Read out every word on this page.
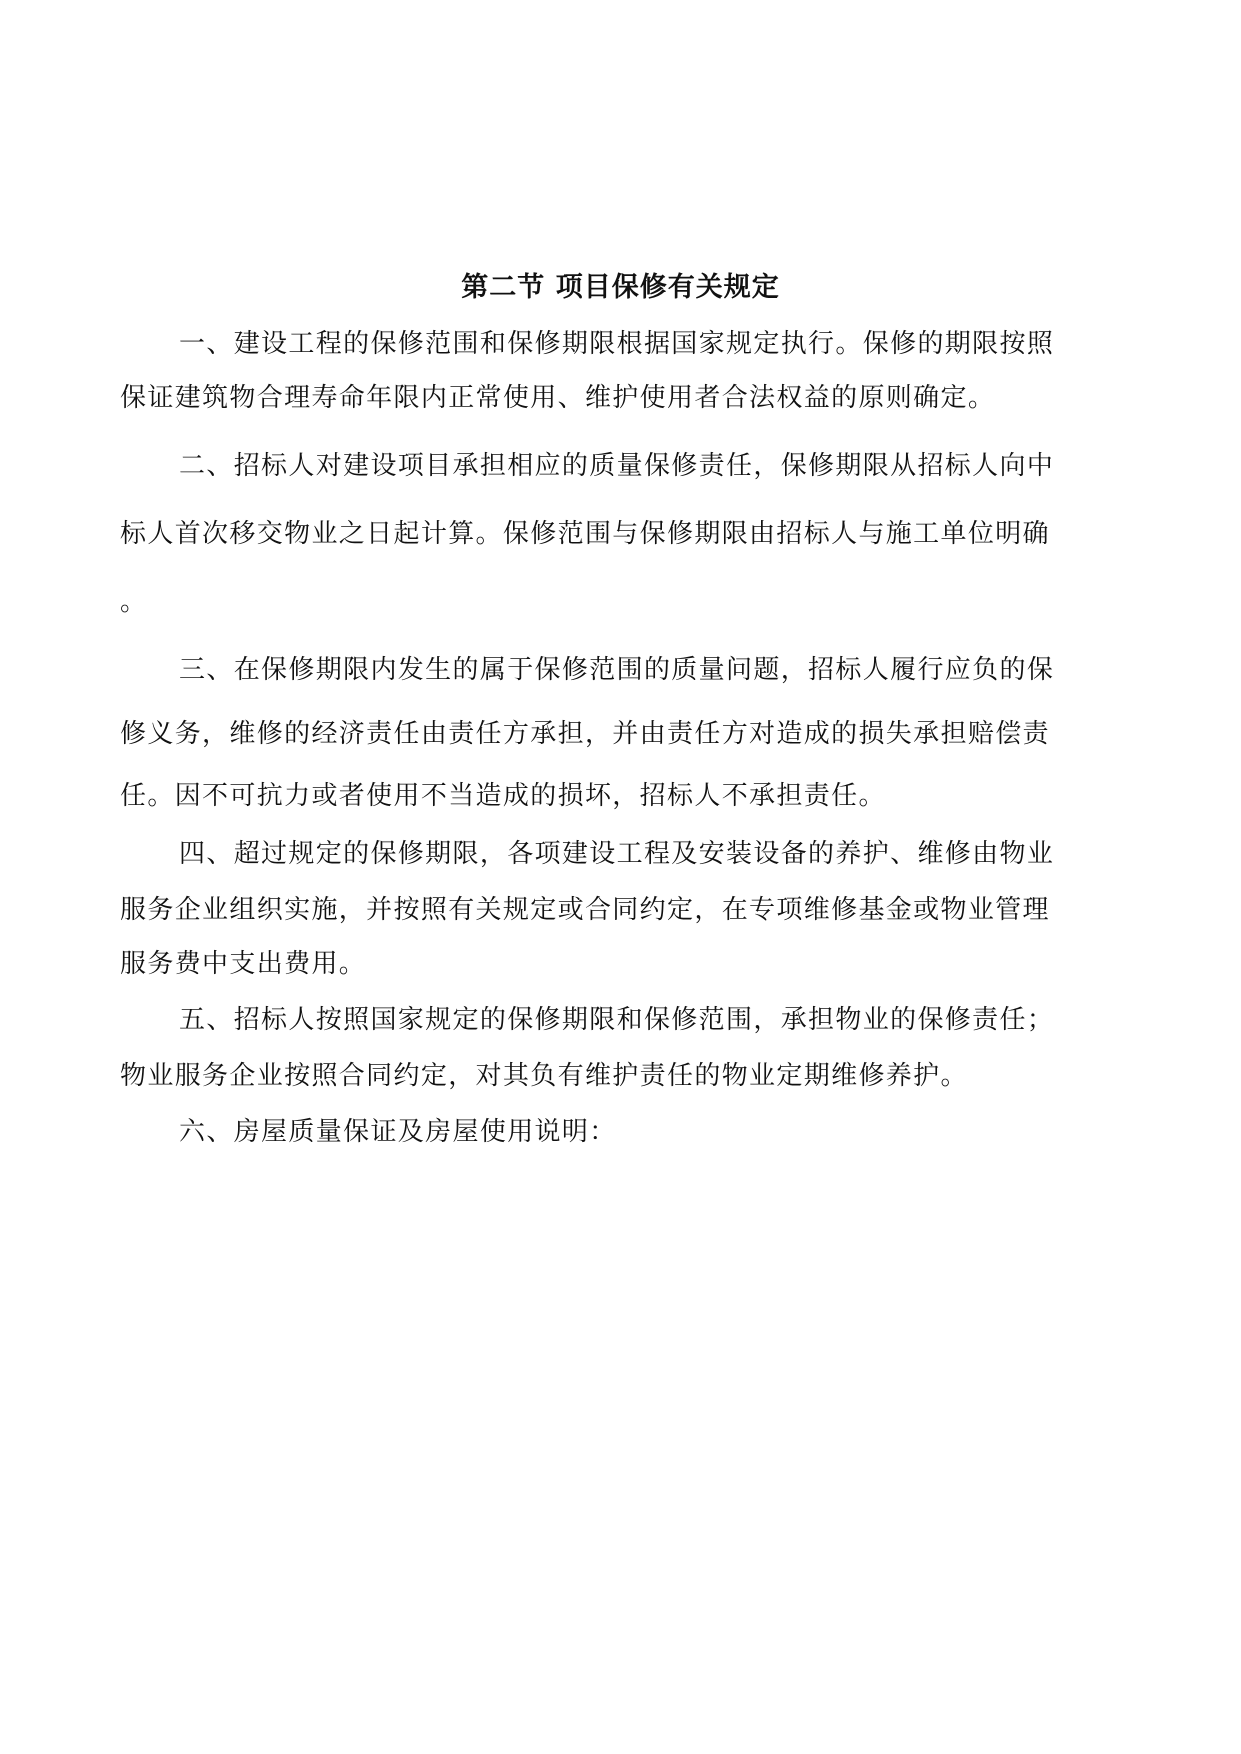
第二节 项目保修有关规定
一、建设工程的保修范围和保修期限根据国家规定执行。保修的期限按照
保证建筑物合理寿命年限内正常使用、维护使用者合法权益的原则确定。
二、招标人对建设项目承担相应的质量保修责任，保修期限从招标人向中
标人首次移交物业之日起计算。保修范围与保修期限由招标人与施工单位明确
。
三、在保修期限内发生的属于保修范围的质量问题，招标人履行应负的保
修义务，维修的经济责任由责任方承担，并由责任方对造成的损失承担赔偿责
任。因不可抗力或者使用不当造成的损坏，招标人不承担责任。
四、超过规定的保修期限，各项建设工程及安装设备的养护、维修由物业
服务企业组织实施，并按照有关规定或合同约定，在专项维修基金或物业管理
服务费中支出费用。
五、招标人按照国家规定的保修期限和保修范围，承担物业的保修责任；
物业服务企业按照合同约定，对其负有维护责任的物业定期维修养护。
六、房屋质量保证及房屋使用说明：
